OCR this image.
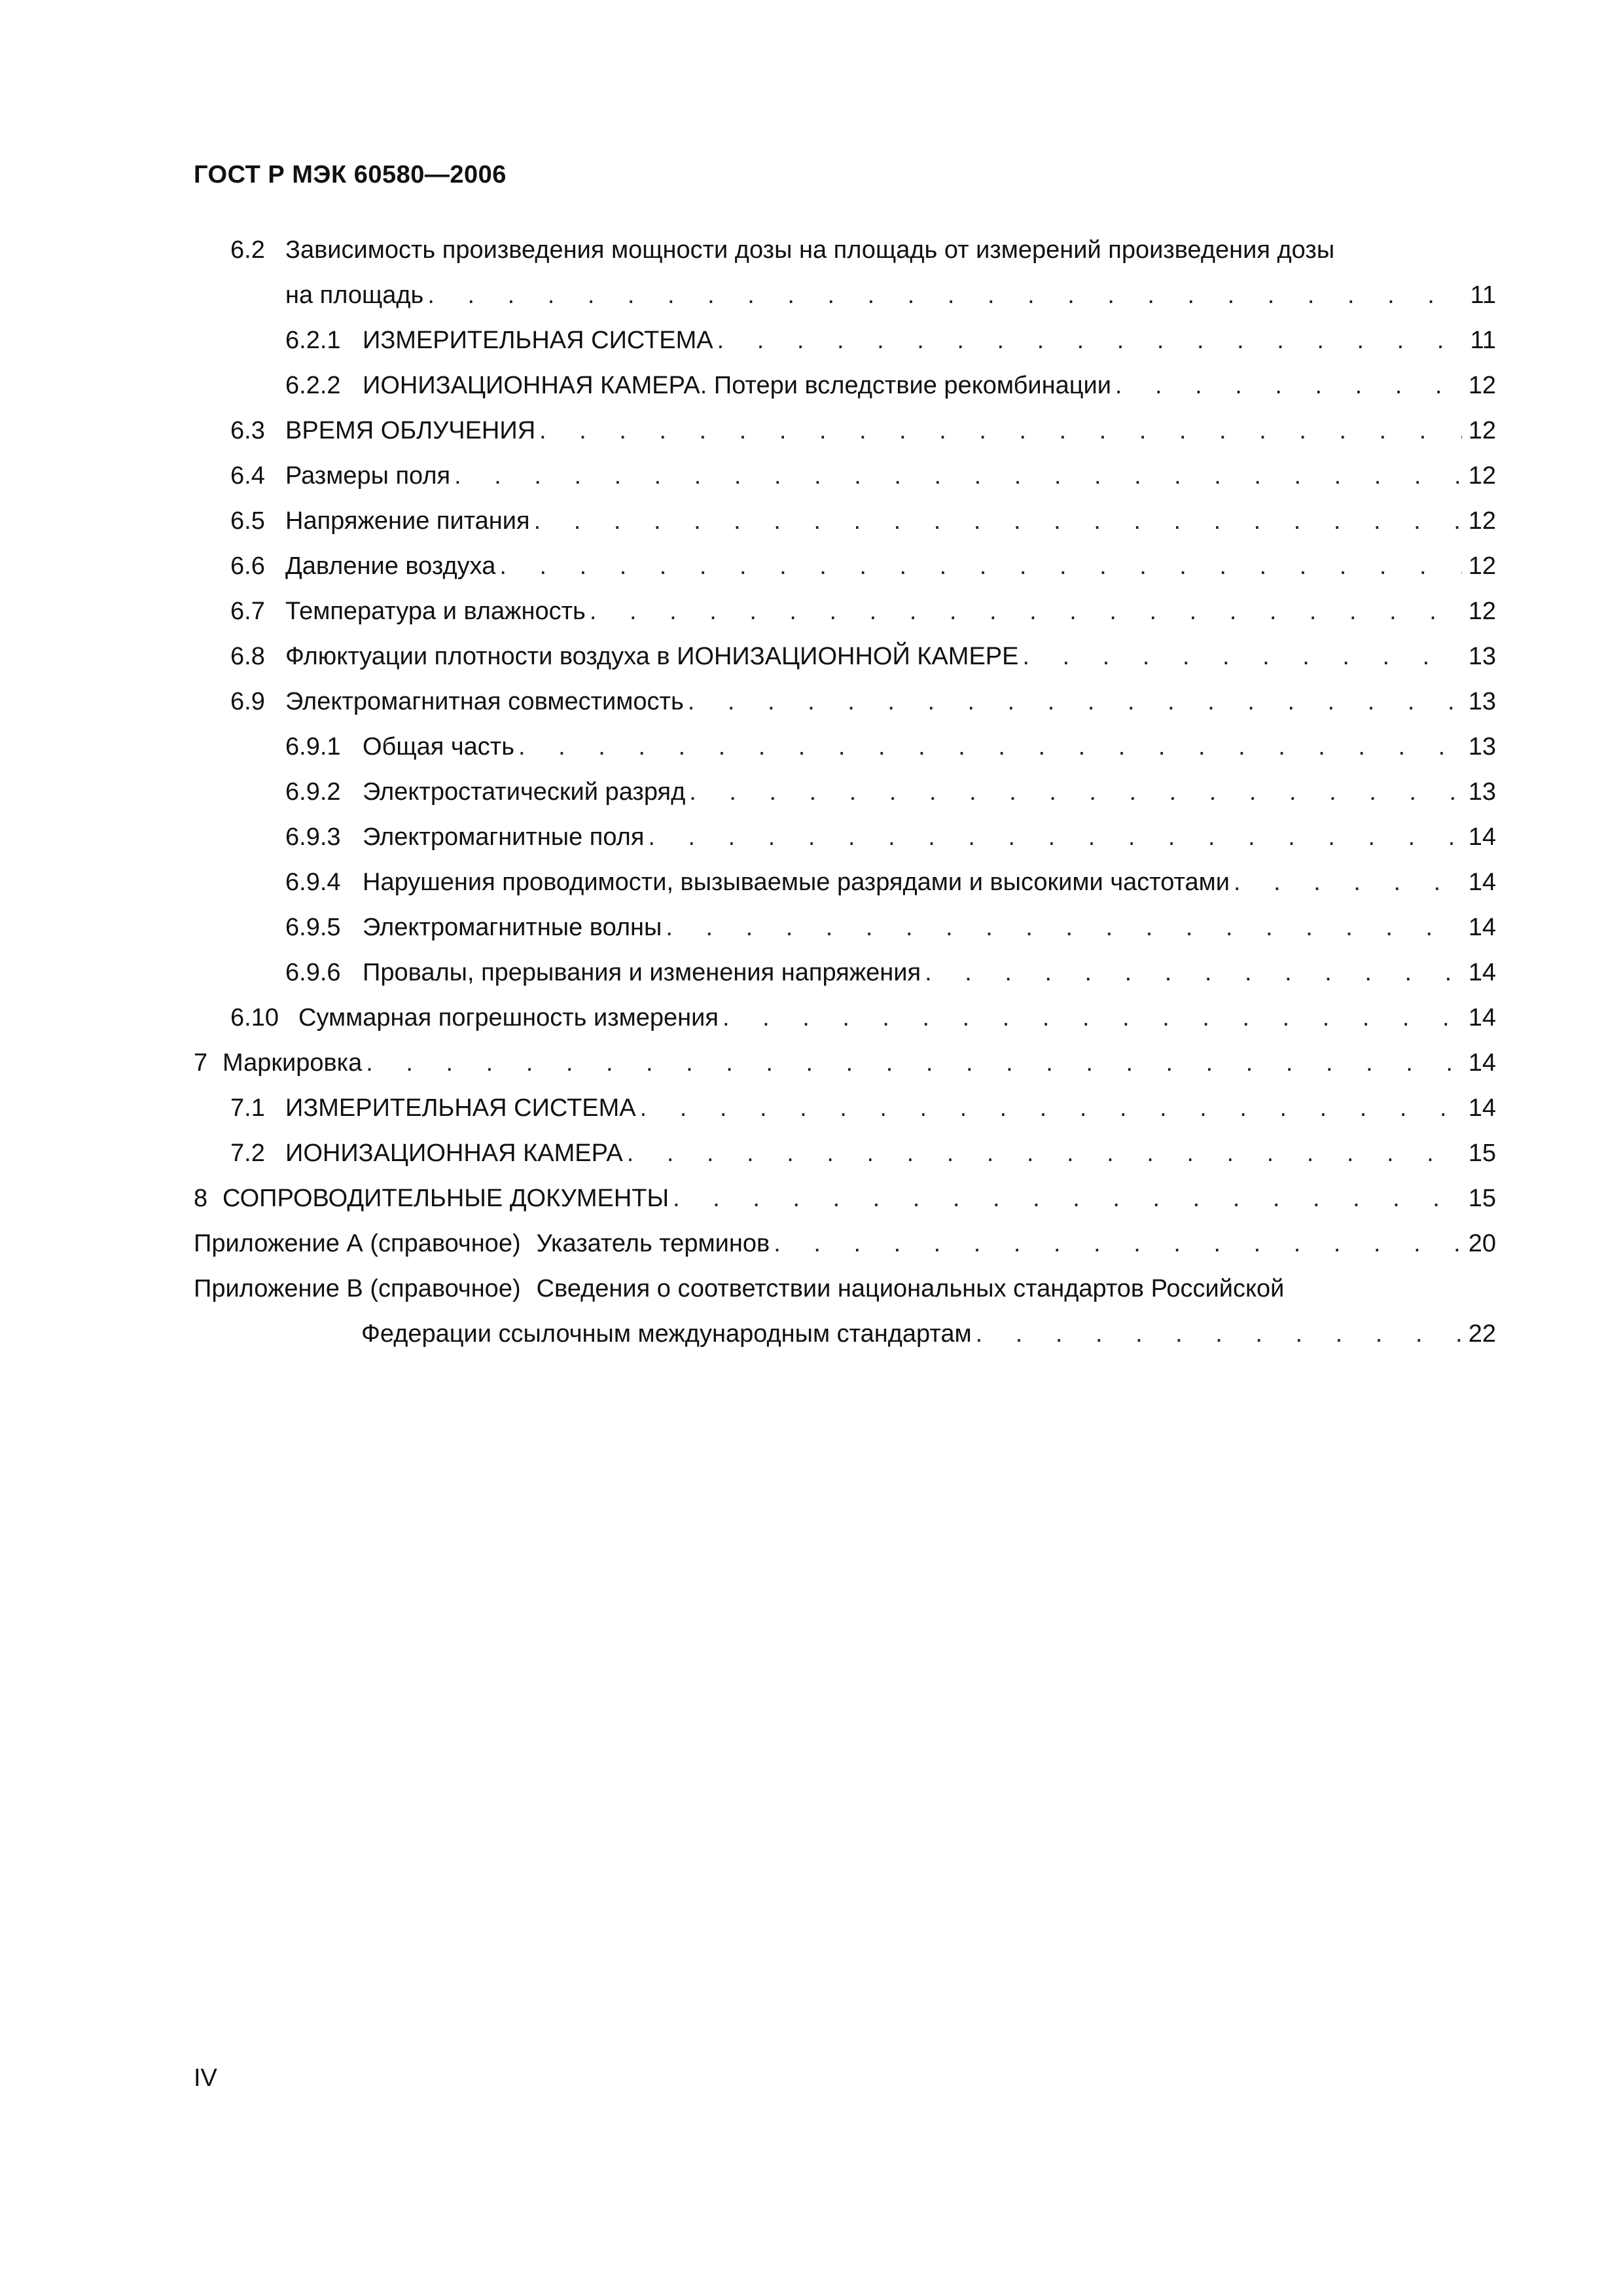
ГОСТ Р МЭК 60580—2006
6.2 Зависимость произведения мощности дозы на площадь от измерений произведения дозы
на площадь . . .	11
6.2.1 ИЗМЕРИТЕЛЬНАЯ СИСТЕМА . . .	11
6.2.2 ИОНИЗАЦИОННАЯ КАМЕРА. Потери вследствие рекомбинации . . .	12
6.3 ВРЕМЯ ОБЛУЧЕНИЯ . . .	12
6.4 Размеры поля . . .	12
6.5 Напряжение питания . . .	12
6.6 Давление воздуха . . .	12
6.7 Температура и влажность . . .	12
6.8 Флюктуации плотности воздуха в ИОНИЗАЦИОННОЙ КАМЕРЕ . . .	13
6.9 Электромагнитная совместимость . . .	13
6.9.1 Общая часть . . .	13
6.9.2 Электростатический разряд . . .	13
6.9.3 Электромагнитные поля . . .	14
6.9.4 Нарушения проводимости, вызываемые разрядами и высокими частотами . . .	14
6.9.5 Электромагнитные волны . . .	14
6.9.6 Провалы, прерывания и изменения напряжения . . .	14
6.10 Суммарная погрешность измерения . . .	14
7 Маркировка . . .	14
7.1 ИЗМЕРИТЕЛЬНАЯ СИСТЕМА . . .	14
7.2 ИОНИЗАЦИОННАЯ КАМЕРА . . .	15
8 СОПРОВОДИТЕЛЬНЫЕ ДОКУМЕНТЫ . . .	15
Приложение А (справочное) Указатель терминов . . .	20
Приложение В (справочное) Сведения о соответствии национальных стандартов Российской
Федерации ссылочным международным стандартам . . .	22
IV
